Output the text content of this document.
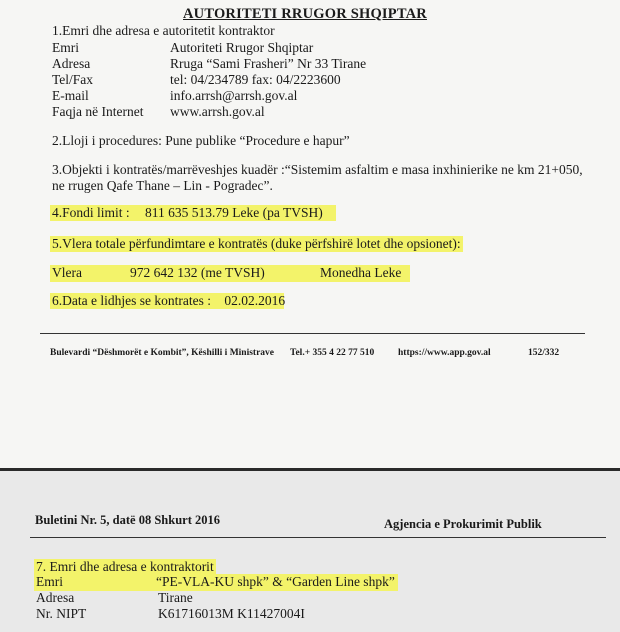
AUTORITETI RRUGOR SHQIPTAR
1.Emri dhe adresa e autoritetit kontraktor
Emri	Autoriteti Rrugor Shqiptar
Adresa	Rruga “Sami Frasheri” Nr 33 Tirane
Tel/Fax	tel: 04/234789 fax: 04/2223600
E-mail	info.arrsh@arrsh.gov.al
Faqja në Internet www.arrsh.gov.al
2.Lloji i procedures: Pune publike “Procedure e hapur”
3.Objekti i kontratës/marrëveshjes kuadër :“Sistemim asfaltim e masa inxhinierike ne km 21+050,
ne rrugen Qafe Thane – Lin - Pogradec”.
4.Fondi limit : 811 635 513.79 Leke (pa TVSH)
5.Vlera totale përfundimtare e kontratës (duke përfshirë lotet dhe opsionet):
Vlera	972 642 132 (me TVSH)	Monedha Leke
6.Data e lidhjes se kontrates : 02.02.2016
Bulevardi “Dëshmorët e Kombit”, Këshilli i Ministrave Tel.+ 355 4 22 77 510	https://www.app.gov.al	152/332
Buletini Nr. 5, datë 08 Shkurt 2016	Agjencia e Prokurimit Publik
7. Emri dhe adresa e kontraktorit
Emri	“PE-VLA-KU shpk” & “Garden Line shpk”
Adresa	Tirane
Nr. NIPT	K61716013M K11427004I
